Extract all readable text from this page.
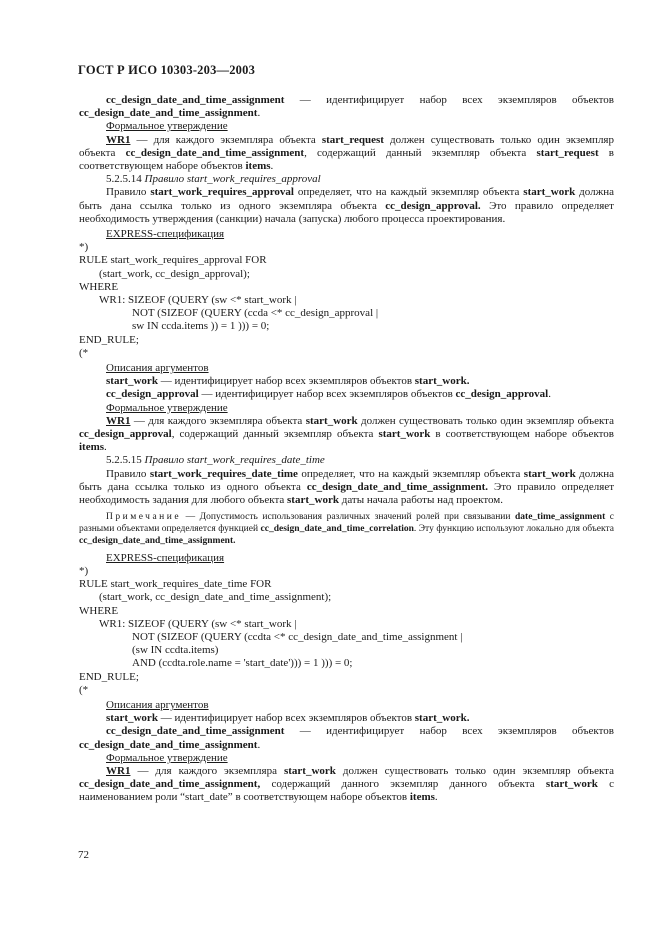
ГОСТ Р ИСО 10303-203—2003

cc_design_date_and_time_assignment — идентифицирует набор всех экземпляров объектов cc_design_date_and_time_assignment.

Формальное утверждение

WR1 — для каждого экземпляра объекта start_request должен существовать только один экземпляр объекта cc_design_date_and_time_assignment, содержащий данный экземпляр объекта start_request в соответствующем наборе объектов items.

5.2.5.14 Правило start_work_requires_approval

Правило start_work_requires_approval определяет, что на каждый экземпляр объекта start_work должна быть дана ссылка только из одного экземпляра объекта cc_design_approval. Это правило определяет необходимость утверждения (санкции) начала (запуска) любого процесса проектирования.

EXPRESS-спецификация

*)

RULE start_work_requires_approval FOR

(start_work, cc_design_approval);

WHERE

WR1: SIZEOF (QUERY (sw <* start_work |

NOT (SIZEOF (QUERY (ccda <* cc_design_approval |

sw IN ccda.items )) = 1 ))) = 0;

END_RULE;

(*

Описания аргументов

start_work — идентифицирует набор всех экземпляров объектов start_work.

cc_design_approval — идентифицирует набор всех экземпляров объектов cc_design_approval.

Формальное утверждение

WR1 — для каждого экземпляра объекта start_work должен существовать только один экземпляр объекта cc_design_approval, содержащий данный экземпляр объекта start_work в соответствующем наборе объектов items.

5.2.5.15 Правило start_work_requires_date_time

Правило start_work_requires_date_time определяет, что на каждый экземпляр объекта start_work должна быть дана ссылка только из одного объекта cc_design_date_and_time_assignment. Это правило определяет необходимость задания для любого объекта start_work даты начала работы над проектом.

Примечание — Допустимость использования различных значений ролей при связывании date_time_assignment с разными объектами определяется функцией cc_design_date_and_time_correlation. Эту функцию используют локально для объекта cc_design_date_and_time_assignment.

EXPRESS-спецификация

*)

RULE start_work_requires_date_time FOR

(start_work, cc_design_date_and_time_assignment);

WHERE

WR1: SIZEOF (QUERY (sw <* start_work |

NOT (SIZEOF (QUERY (ccdta <* cc_design_date_and_time_assignment |

(sw IN ccdta.items)

AND (ccdta.role.name = 'start_date'))) = 1 ))) = 0;

END_RULE;

(*

Описания аргументов

start_work — идентифицирует набор всех экземпляров объектов start_work.

cc_design_date_and_time_assignment — идентифицирует набор всех экземпляров объектов cc_design_date_and_time_assignment.

Формальное утверждение

WR1 — для каждого экземпляра start_work должен существовать только один экземпляр объекта cc_design_date_and_time_assignment, содержащий данного экземпляр данного объекта start_work с наименованием роли “start_date” в соответствующем наборе объектов items.

72
